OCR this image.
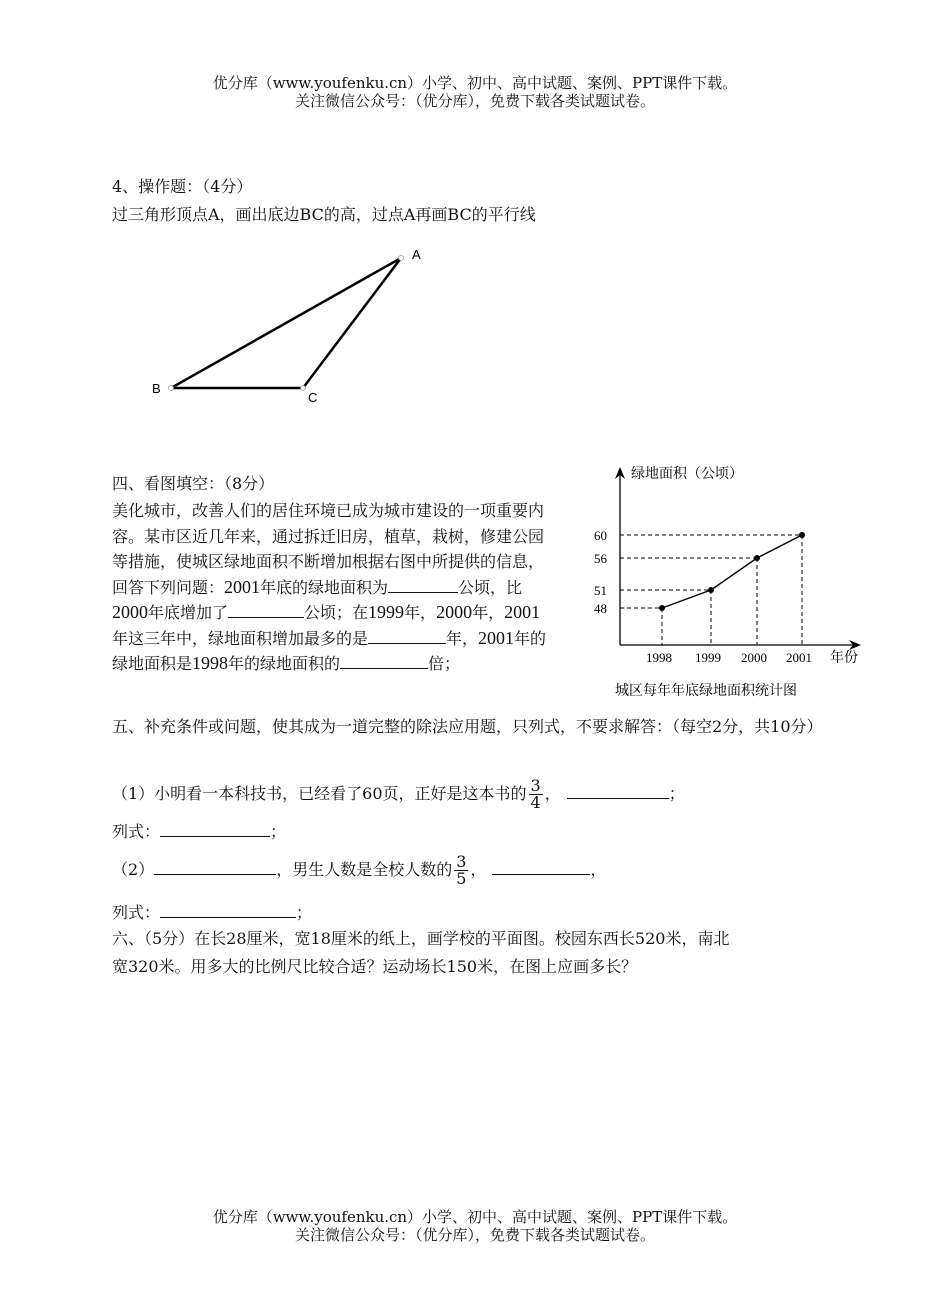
优分库（www.youfenku.cn）小学、初中、高中试题、案例、PPT课件下载。
关注微信公众号：（优分库），免费下载各类试题试卷。
4、操作题：（4分）
过三角形顶点A，画出底边BC的高，过点A再画BC的平行线
A
B
C
四、看图填空：（8分）
美化城市，改善人们的居住环境已成为城市建设的一项重要内容。某市区近几年来，通过拆迁旧房，植草，栽树，修建公园等措施，使城区绿地面积不断增加根据右图中所提供的信息，回答下列问题：2001年底的绿地面积为	公顷，比2000年底增加了	公顷；在1999年，2000年，2001年这三年中，绿地面积增加最多的是	年，2001年的绿地面积是1998年的绿地面积的	倍；
绿地面积（公顷）
年份
城区每年年底绿地面积统计图
48
51
56
60
1998 1999 2000 2001
五、补充条件或问题，使其成为一道完整的除法应用题，只列式，不要求解答：（每空2分，共10分）
（1）小明看一本科技书，已经看了60页，正好是这本书的 $\frac{3}{4}$ ，	；
列式：	；
（2）	，男生人数是全校人数的 $\frac{3}{5}$ ，	，
列式：	；
六、（5分）在长28厘米，宽18厘米的纸上，画学校的平面图。校园东西长520米，南北
宽320米。用多大的比例尺比较合适？运动场长150米，在图上应画多长？
优分库（www.youfenku.cn）小学、初中、高中试题、案例、PPT课件下载。
关注微信公众号：（优分库），免费下载各类试题试卷。
